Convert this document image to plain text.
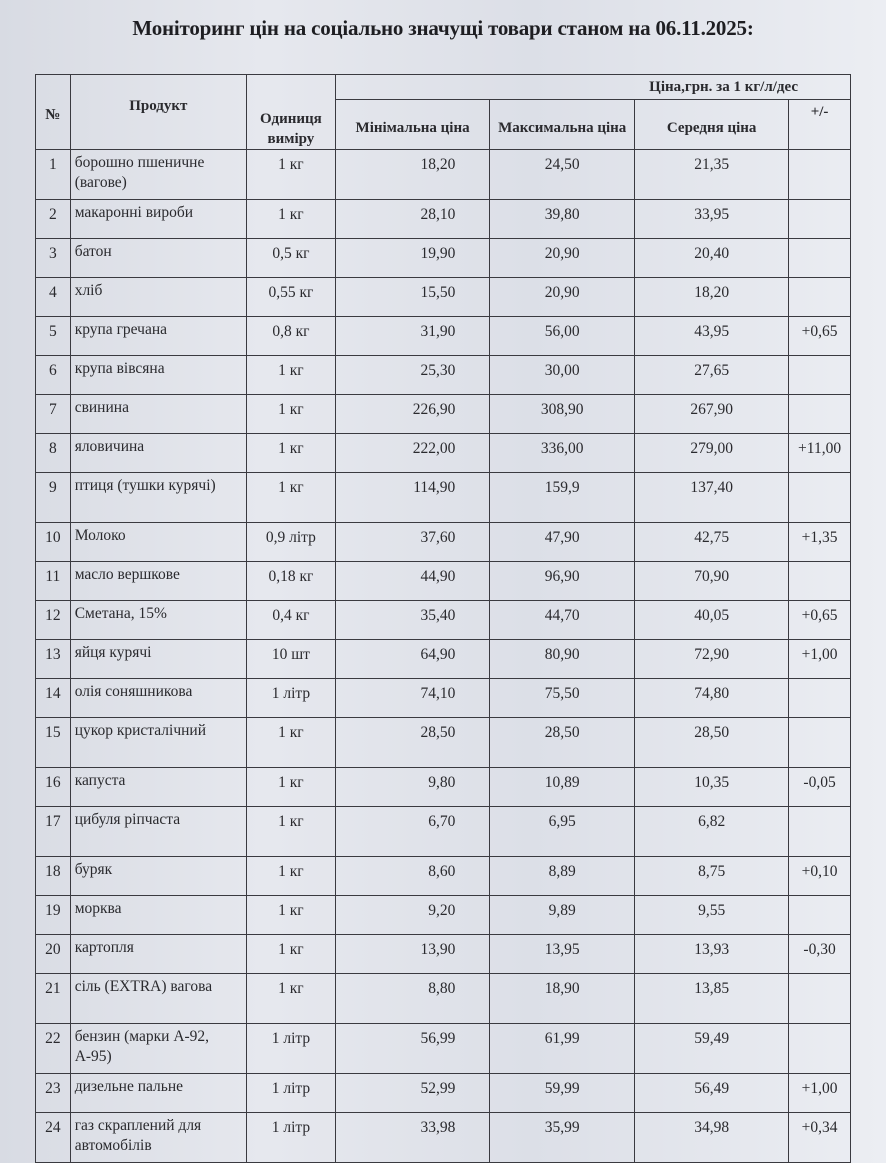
Моніторинг цін на соціально значущі товари станом на 06.11.2025:
№	Продукт	Одиниця виміру	Ціна,грн. за 1 кг/л/дес			
			Мінімальна ціна	Максимальна ціна	Середня ціна	+/-
1	борошно пшеничне (вагове)	1 кг	18,20	24,50	21,35	
2	макаронні вироби	1 кг	28,10	39,80	33,95	
3	батон	0,5 кг	19,90	20,90	20,40	
4	хліб	0,55 кг	15,50	20,90	18,20	
5	крупа гречана	0,8 кг	31,90	56,00	43,95	+0,65
6	крупа вівсяна	1 кг	25,30	30,00	27,65	
7	свинина	1 кг	226,90	308,90	267,90	
8	яловичина	1 кг	222,00	336,00	279,00	+11,00
9	птиця (тушки курячі)	1 кг	114,90	159,9	137,40	
10	Молоко	0,9 літр	37,60	47,90	42,75	+1,35
11	масло вершкове	0,18 кг	44,90	96,90	70,90	
12	Сметана, 15%	0,4 кг	35,40	44,70	40,05	+0,65
13	яйця курячі	10 шт	64,90	80,90	72,90	+1,00
14	олія соняшникова	1 літр	74,10	75,50	74,80	
15	цукор кристалічний	1 кг	28,50	28,50	28,50	
16	капуста	1 кг	9,80	10,89	10,35	-0,05
17	цибуля ріпчаста	1 кг	6,70	6,95	6,82	
18	буряк	1 кг	8,60	8,89	8,75	+0,10
19	морква	1 кг	9,20	9,89	9,55	
20	картопля	1 кг	13,90	13,95	13,93	-0,30
21	сіль (EXTRA) вагова	1 кг	8,80	18,90	13,85	
22	бензин (марки А-92, А-95)	1 літр	56,99	61,99	59,49	
23	дизельне пальне	1 літр	52,99	59,99	56,49	+1,00
24	газ скраплений для автомобілів	1 літр	33,98	35,99	34,98	+0,34
